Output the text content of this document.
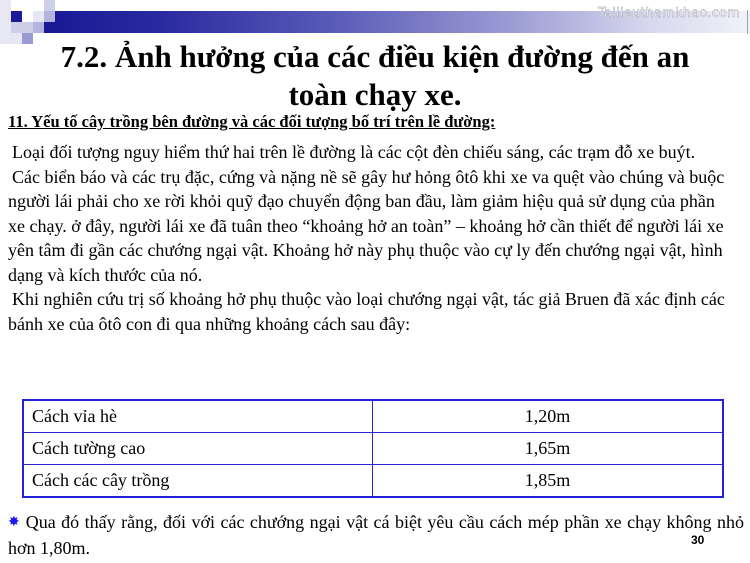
Tailieuthamkhao.com
7.2. Ảnh hưởng của các điều kiện đường đến an
toàn chạy xe.
11. Yếu tố cây trồng bên đường và các đối tượng bố trí trên lề đường:

Loại đối tượng nguy hiểm thứ hai trên lề đường là các cột đèn chiếu sáng, các trạm đỗ xe buýt.

Các biển báo và các trụ đặc, cứng và nặng nề sẽ gây hư hỏng ôtô khi xe va quệt vào chúng và buộc người lái phải cho xe rời khỏi quỹ đạo chuyển động ban đầu, làm giảm hiệu quả sử dụng của phần xe chạy. ở đây, người lái xe đã tuân theo “khoảng hở an toàn” – khoảng hở cần thiết để người lái xe yên tâm đi gần các chướng ngại vật. Khoảng hở này phụ thuộc vào cự ly đến chướng ngại vật, hình dạng và kích thước của nó.

Khi nghiên cứu trị số khoảng hở phụ thuộc vào loại chướng ngại vật, tác giả Bruen đã xác định các bánh xe của ôtô con đi qua những khoảng cách sau đây:

Cách vỉa hè	1,20m
Cách tường cao	1,65m
Cách các cây trồng	1,85m
✸ Qua đó thấy rằng, đối với các chướng ngại vật cá biệt yêu cầu cách mép phần xe chạy không nhỏ hơn 1,80m.	30
